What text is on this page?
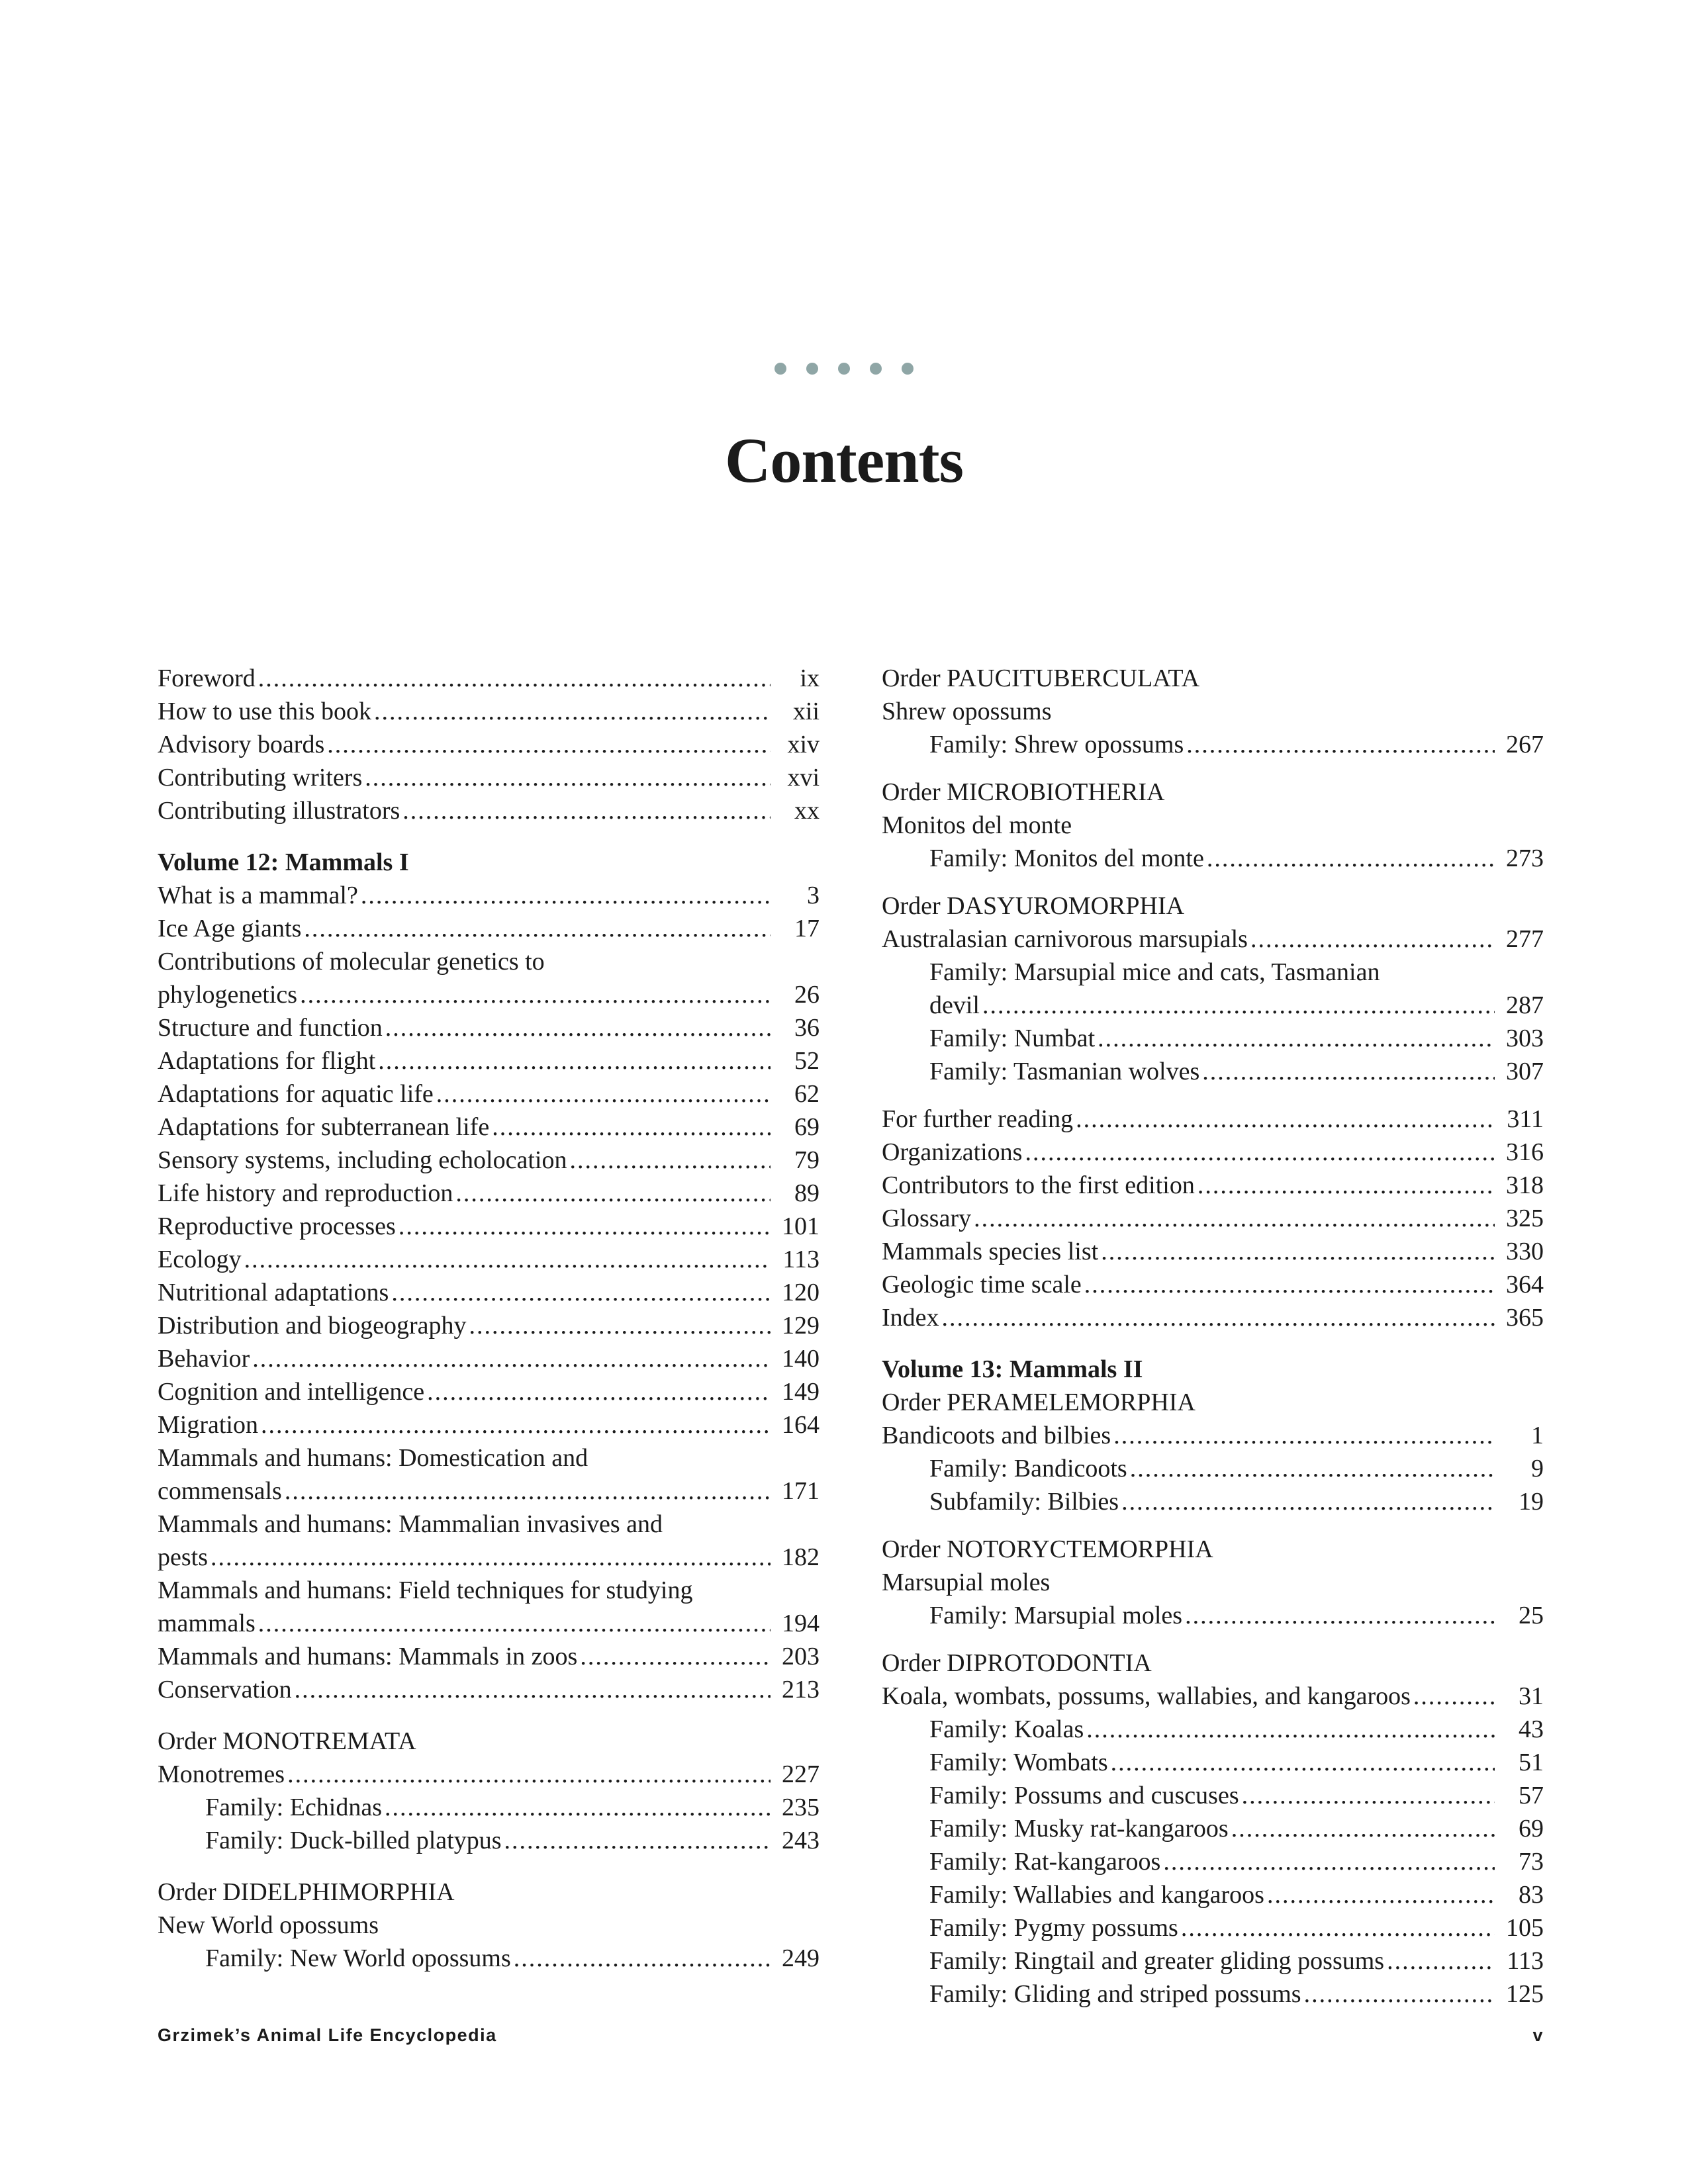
Contents
Foreword .....	ix
How to use this book .....	xii
Advisory boards .....	xiv
Contributing writers .....	xvi
Contributing illustrators .....	xx
Volume 12: Mammals I
What is a mammal? .....	3
Ice Age giants .....	17
Contributions of molecular genetics to
phylogenetics .....	26
Structure and function .....	36
Adaptations for flight .....	52
Adaptations for aquatic life .....	62
Adaptations for subterranean life .....	69
Sensory systems, including echolocation .....	79
Life history and reproduction .....	89
Reproductive processes .....	101
Ecology .....	113
Nutritional adaptations .....	120
Distribution and biogeography .....	129
Behavior .....	140
Cognition and intelligence .....	149
Migration .....	164
Mammals and humans: Domestication and
commensals .....	171
Mammals and humans: Mammalian invasives and
pests .....	182
Mammals and humans: Field techniques for studying
mammals .....	194
Mammals and humans: Mammals in zoos .....	203
Conservation .....	213
Order MONOTREMATA
Monotremes .....	227
Family: Echidnas .....	235
Family: Duck-billed platypus .....	243
Order DIDELPHIMORPHIA
New World opossums
Family: New World opossums .....	249
Order PAUCITUBERCULATA
Shrew opossums
Family: Shrew opossums .....	267
Order MICROBIOTHERIA
Monitos del monte
Family: Monitos del monte .....	273
Order DASYUROMORPHIA
Australasian carnivorous marsupials .....	277
Family: Marsupial mice and cats, Tasmanian
devil .....	287
Family: Numbat .....	303
Family: Tasmanian wolves .....	307
For further reading .....	311
Organizations .....	316
Contributors to the first edition .....	318
Glossary .....	325
Mammals species list .....	330
Geologic time scale .....	364
Index .....	365
Volume 13: Mammals II
Order PERAMELEMORPHIA
Bandicoots and bilbies .....	1
Family: Bandicoots .....	9
Subfamily: Bilbies .....	19
Order NOTORYCTEMORPHIA
Marsupial moles
Family: Marsupial moles .....	25
Order DIPROTODONTIA
Koala, wombats, possums, wallabies, and kangaroos .....	31
Family: Koalas .....	43
Family: Wombats .....	51
Family: Possums and cuscuses .....	57
Family: Musky rat-kangaroos .....	69
Family: Rat-kangaroos .....	73
Family: Wallabies and kangaroos .....	83
Family: Pygmy possums .....	105
Family: Ringtail and greater gliding possums .....	113
Family: Gliding and striped possums .....	125
Grzimek’s Animal Life Encyclopedia	v
